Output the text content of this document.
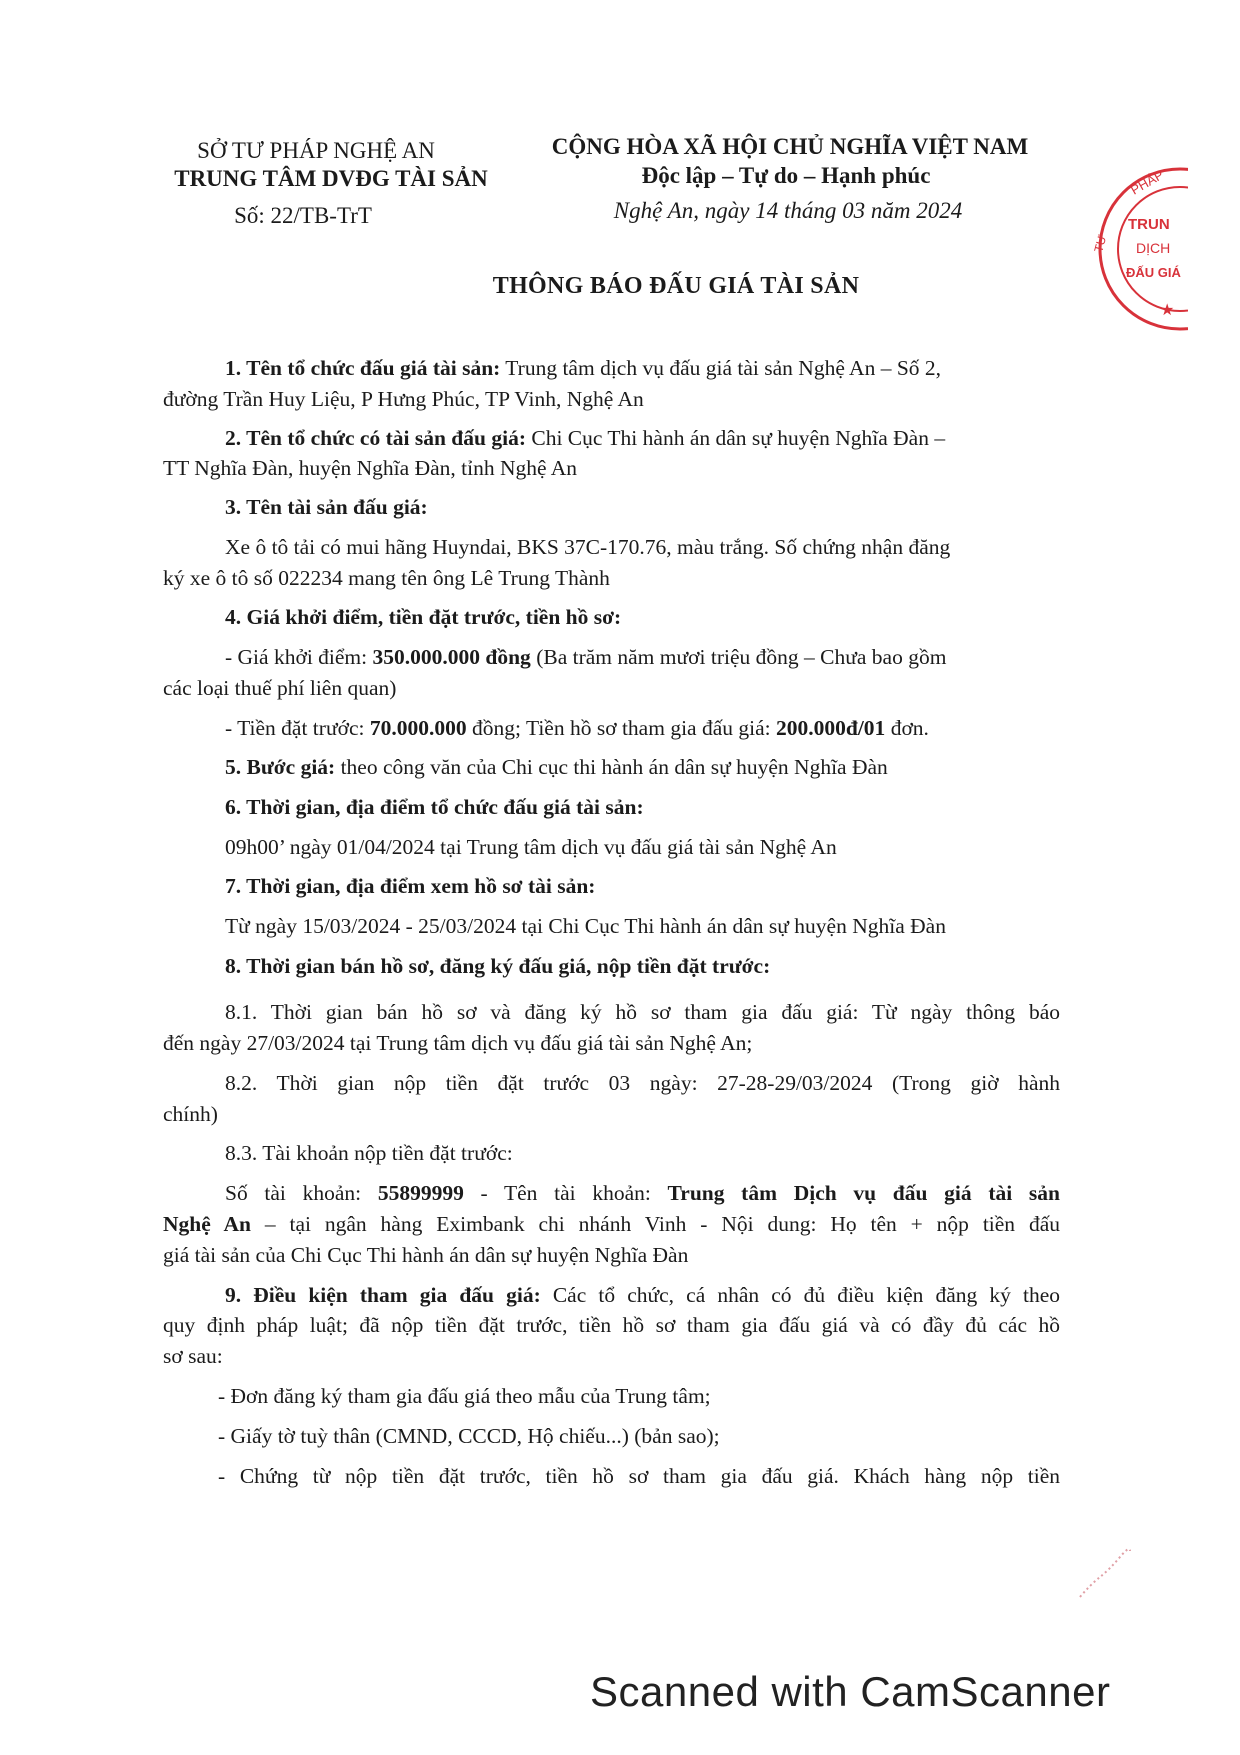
SỞ TƯ PHÁP NGHỆ AN
TRUNG TÂM DVĐG TÀI SẢN
Số: 22/TB-TrT
CỘNG HÒA XÃ HỘI CHỦ NGHĨA VIỆT NAM
Độc lập – Tự do – Hạnh phúc
Nghệ An, ngày 14 tháng 03 năm 2024
PHÁP
TƯ
TRUN
DỊCH
ĐẤU GIÁ
★
THÔNG BÁO ĐẤU GIÁ TÀI SẢN
1. Tên tổ chức đấu giá tài sản: Trung tâm dịch vụ đấu giá tài sản Nghệ An – Số 2,
đường Trần Huy Liệu, P Hưng Phúc, TP Vinh, Nghệ An
2. Tên tổ chức có tài sản đấu giá: Chi Cục Thi hành án dân sự huyện Nghĩa Đàn –
TT Nghĩa Đàn, huyện Nghĩa Đàn, tỉnh Nghệ An
3. Tên tài sản đấu giá:
Xe ô tô tải có mui hãng Huyndai, BKS 37C-170.76, màu trắng. Số chứng nhận đăng
ký xe ô tô số 022234 mang tên ông Lê Trung Thành
4. Giá khởi điểm, tiền đặt trước, tiền hồ sơ:
- Giá khởi điểm: 350.000.000 đồng (Ba trăm năm mươi triệu đồng – Chưa bao gồm
các loại thuế phí liên quan)
- Tiền đặt trước: 70.000.000 đồng; Tiền hồ sơ tham gia đấu giá: 200.000đ/01 đơn.
5. Bước giá: theo công văn của Chi cục thi hành án dân sự huyện Nghĩa Đàn
6. Thời gian, địa điểm tổ chức đấu giá tài sản:
09h00’ ngày 01/04/2024 tại Trung tâm dịch vụ đấu giá tài sản Nghệ An
7. Thời gian, địa điểm xem hồ sơ tài sản:
Từ ngày 15/03/2024 - 25/03/2024 tại Chi Cục Thi hành án dân sự huyện Nghĩa Đàn
8. Thời gian bán hồ sơ, đăng ký đấu giá, nộp tiền đặt trước:
8.1. Thời gian bán hồ sơ và đăng ký hồ sơ tham gia đấu giá: Từ ngày thông báo
đến ngày 27/03/2024 tại Trung tâm dịch vụ đấu giá tài sản Nghệ An;
8.2. Thời gian nộp tiền đặt trước 03 ngày: 27-28-29/03/2024 (Trong giờ hành
chính)
8.3. Tài khoản nộp tiền đặt trước:
Số tài khoản: 55899999 - Tên tài khoản: Trung tâm Dịch vụ đấu giá tài sản
Nghệ An – tại ngân hàng Eximbank chi nhánh Vinh - Nội dung: Họ tên + nộp tiền đấu
giá tài sản của Chi Cục Thi hành án dân sự huyện Nghĩa Đàn
9. Điều kiện tham gia đấu giá: Các tổ chức, cá nhân có đủ điều kiện đăng ký theo
quy định pháp luật; đã nộp tiền đặt trước, tiền hồ sơ tham gia đấu giá và có đầy đủ các hồ
sơ sau:
- Đơn đăng ký tham gia đấu giá theo mẫu của Trung tâm;
- Giấy tờ tuỳ thân (CMND, CCCD, Hộ chiếu...) (bản sao);
- Chứng từ nộp tiền đặt trước, tiền hồ sơ tham gia đấu giá. Khách hàng nộp tiền
Scanned with CamScanner
